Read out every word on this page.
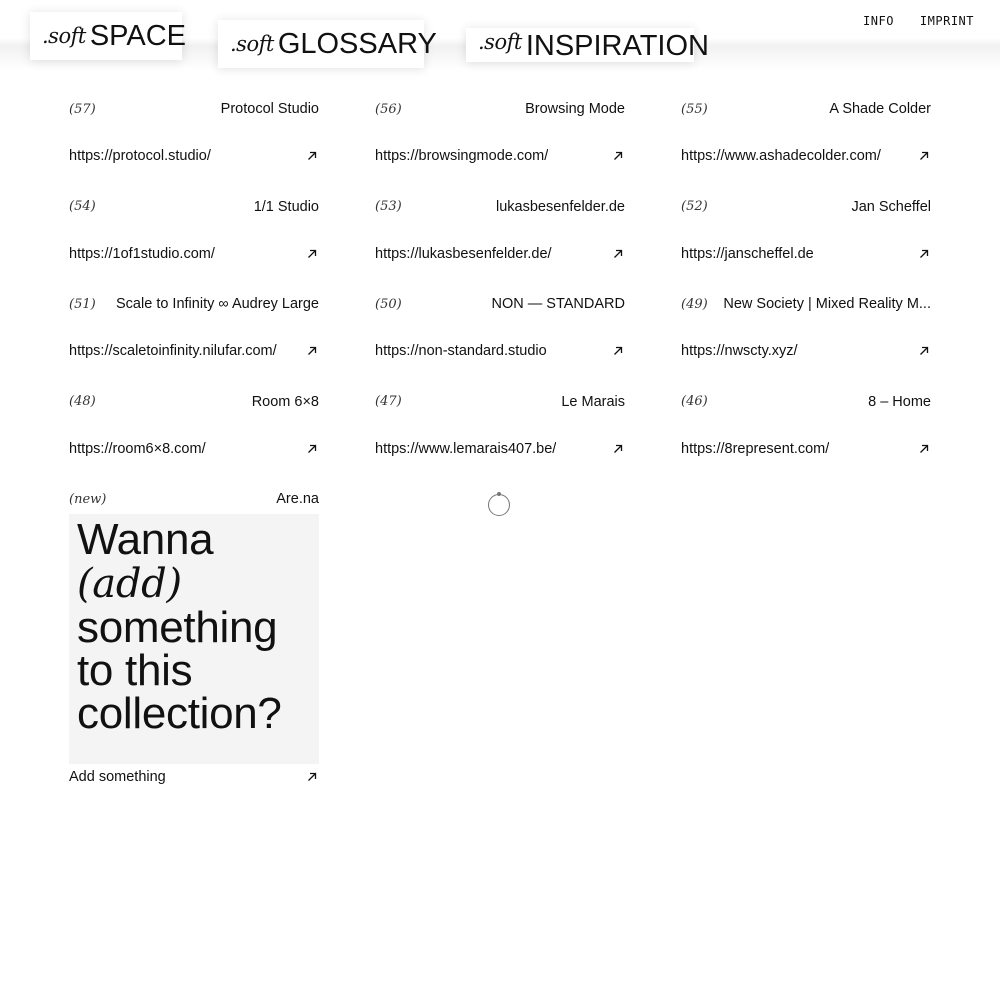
.soft SPACE .soft GLOSSARY .soft INSPIRATION
INFO IMPRINT
(57)	Protocol Studio
https://protocol.studio/
(56)	Browsing Mode
https://browsingmode.com/
(55)	A Shade Colder
https://www.ashadecolder.com/
(54)	1/1 Studio
https://1of1studio.com/
(53)	lukasbesenfelder.de
https://lukasbesenfelder.de/
(52)	Jan Scheffel
https://janscheffel.de
(51) Scale to Infinity ∞ Audrey Large
https://scaletoinfinity.nilufar.com/
(50)	NON — STANDARD
https://non-standard.studio
(49) New Society | Mixed Reality M...
https://nwscty.xyz/
(48)	Room 6×8
https://room6×8.com/
(47)	Le Marais
https://www.lemarais407.be/
(46)	8 – Home
https://8represent.com/
(new)	Are.na
Wanna (add)
something
to this
collection?
Add something
